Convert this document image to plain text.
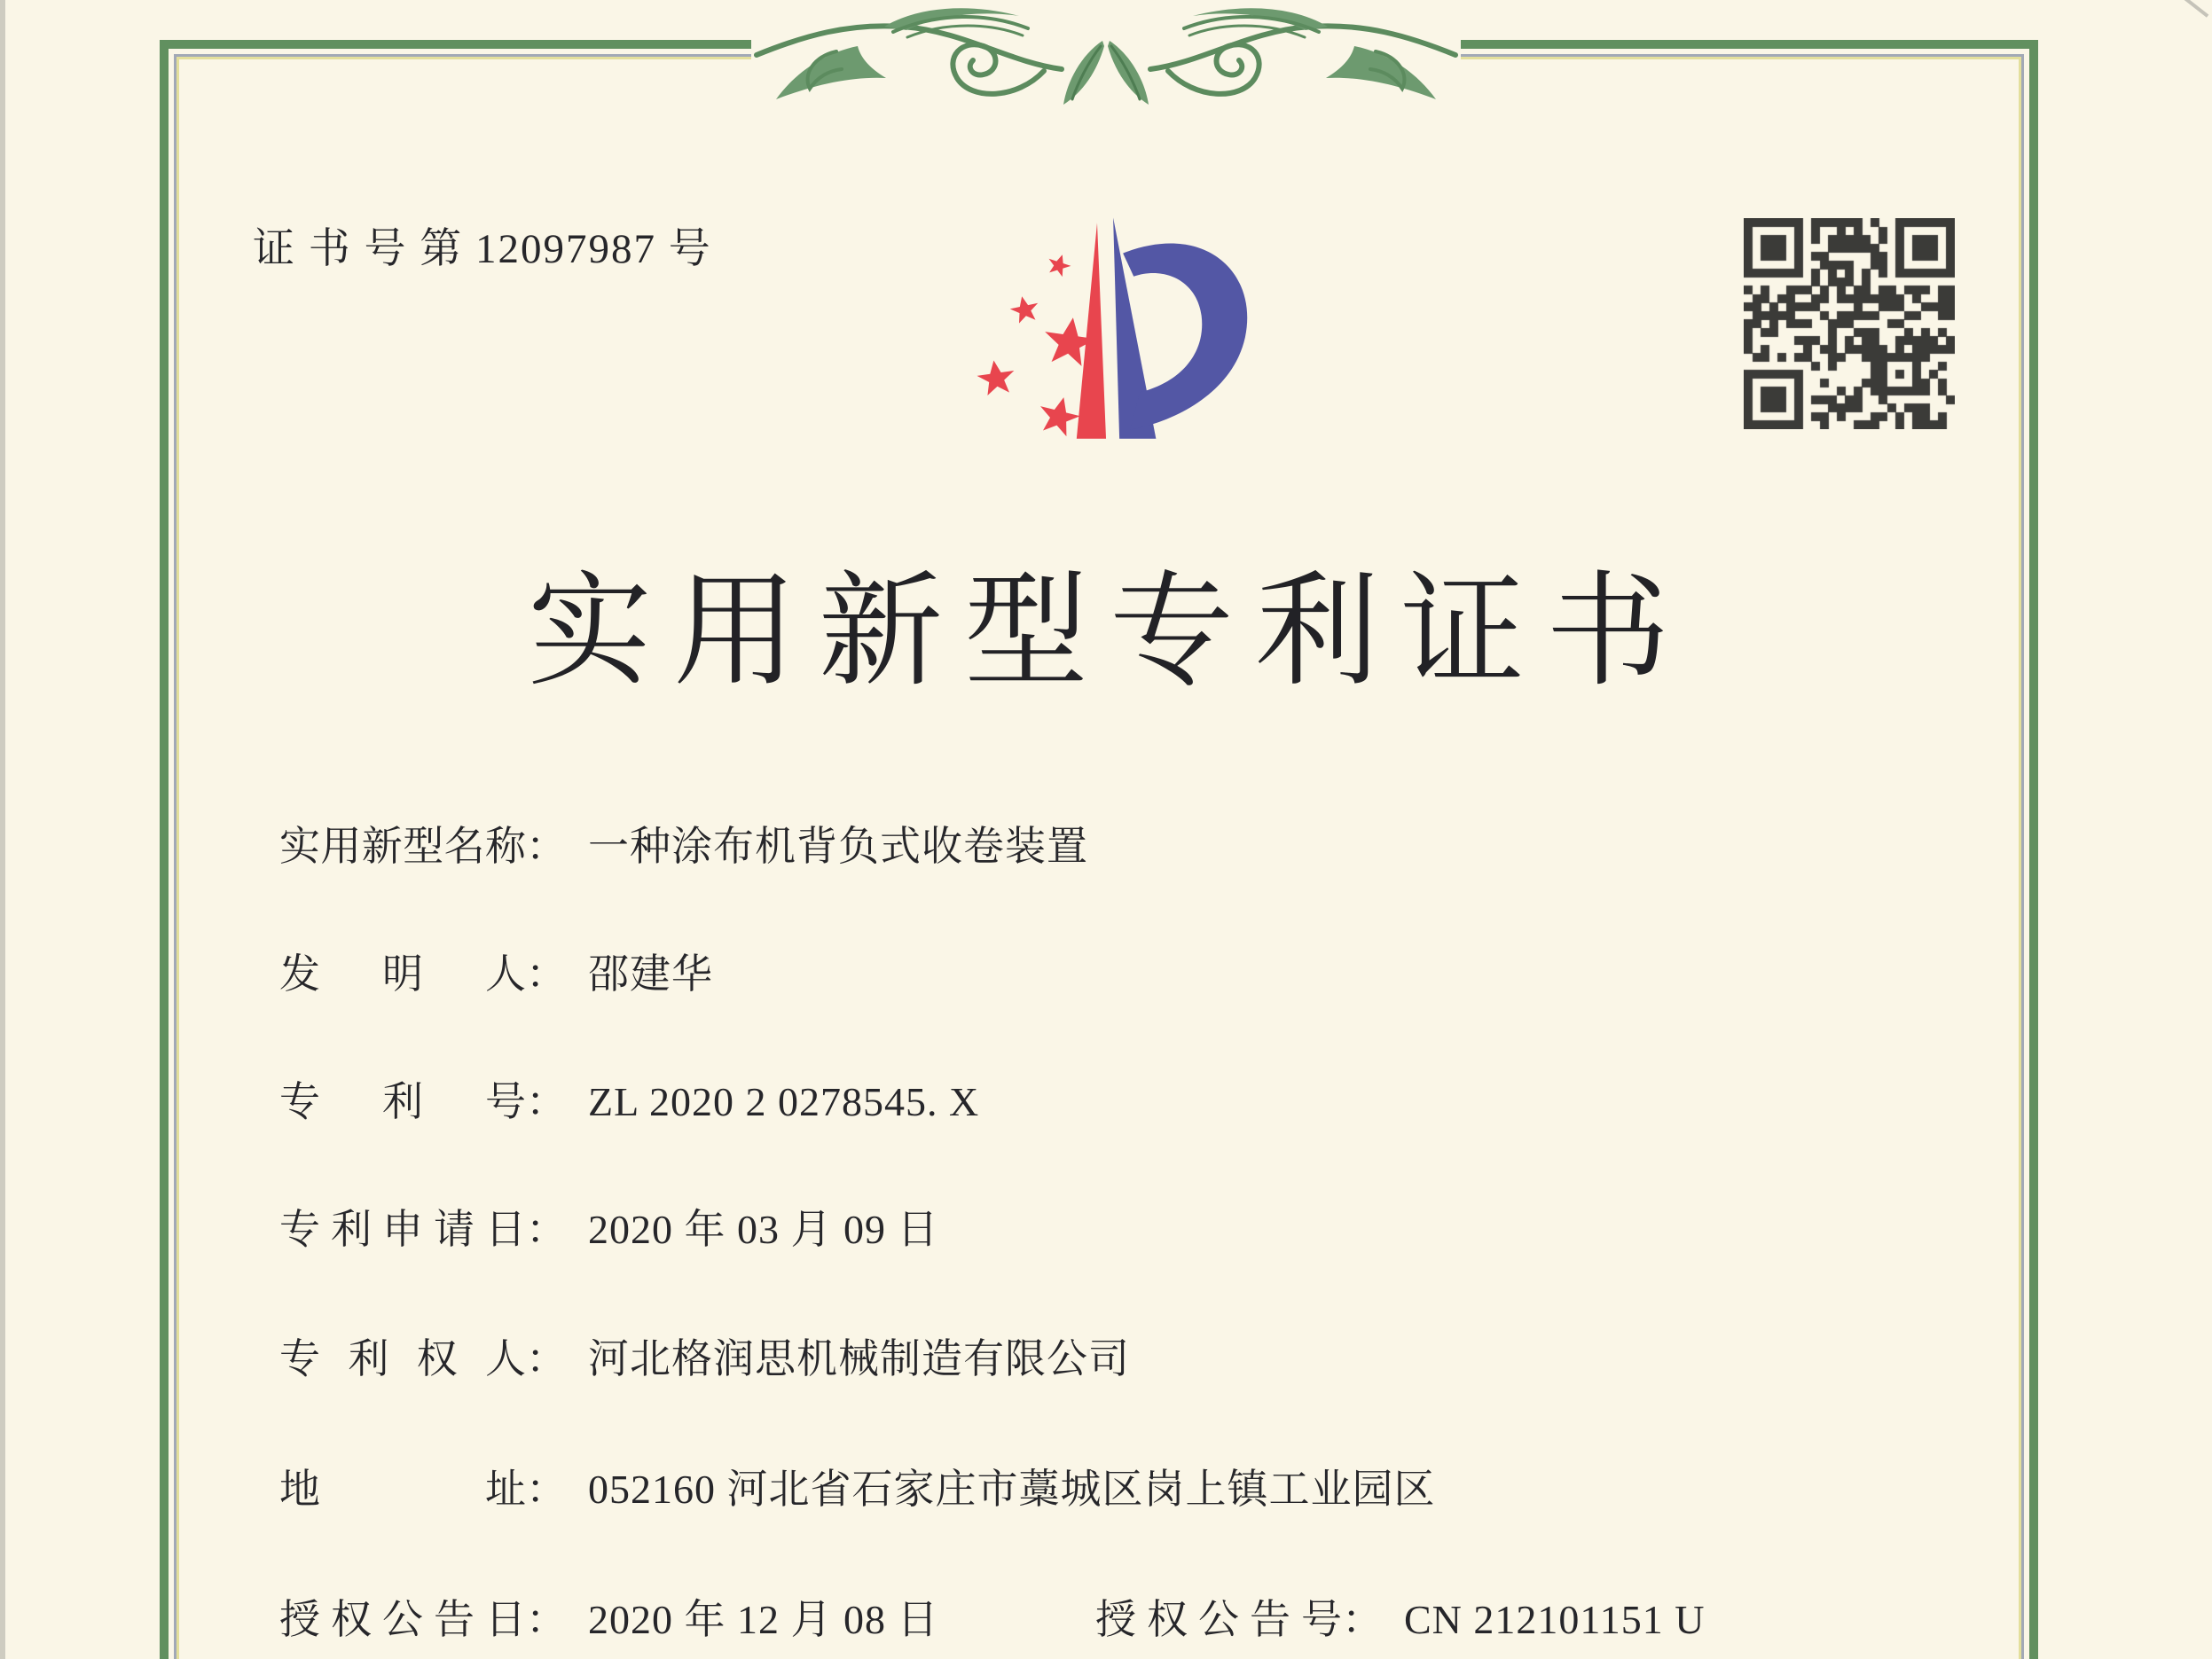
证 书 号 第 12097987 号
实用新型专利证书
实用新型名称： 一种涂布机背负式收卷装置
发明人： 邵建华
专利号： ZL 2020 2 0278545. X
专利申请日： 2020 年 03 月 09 日
专利权人： 河北格润思机械制造有限公司
地址： 052160 河北省石家庄市藁城区岗上镇工业园区
授权公告日： 2020 年 12 月 08 日	授权公告号： CN 212101151 U
